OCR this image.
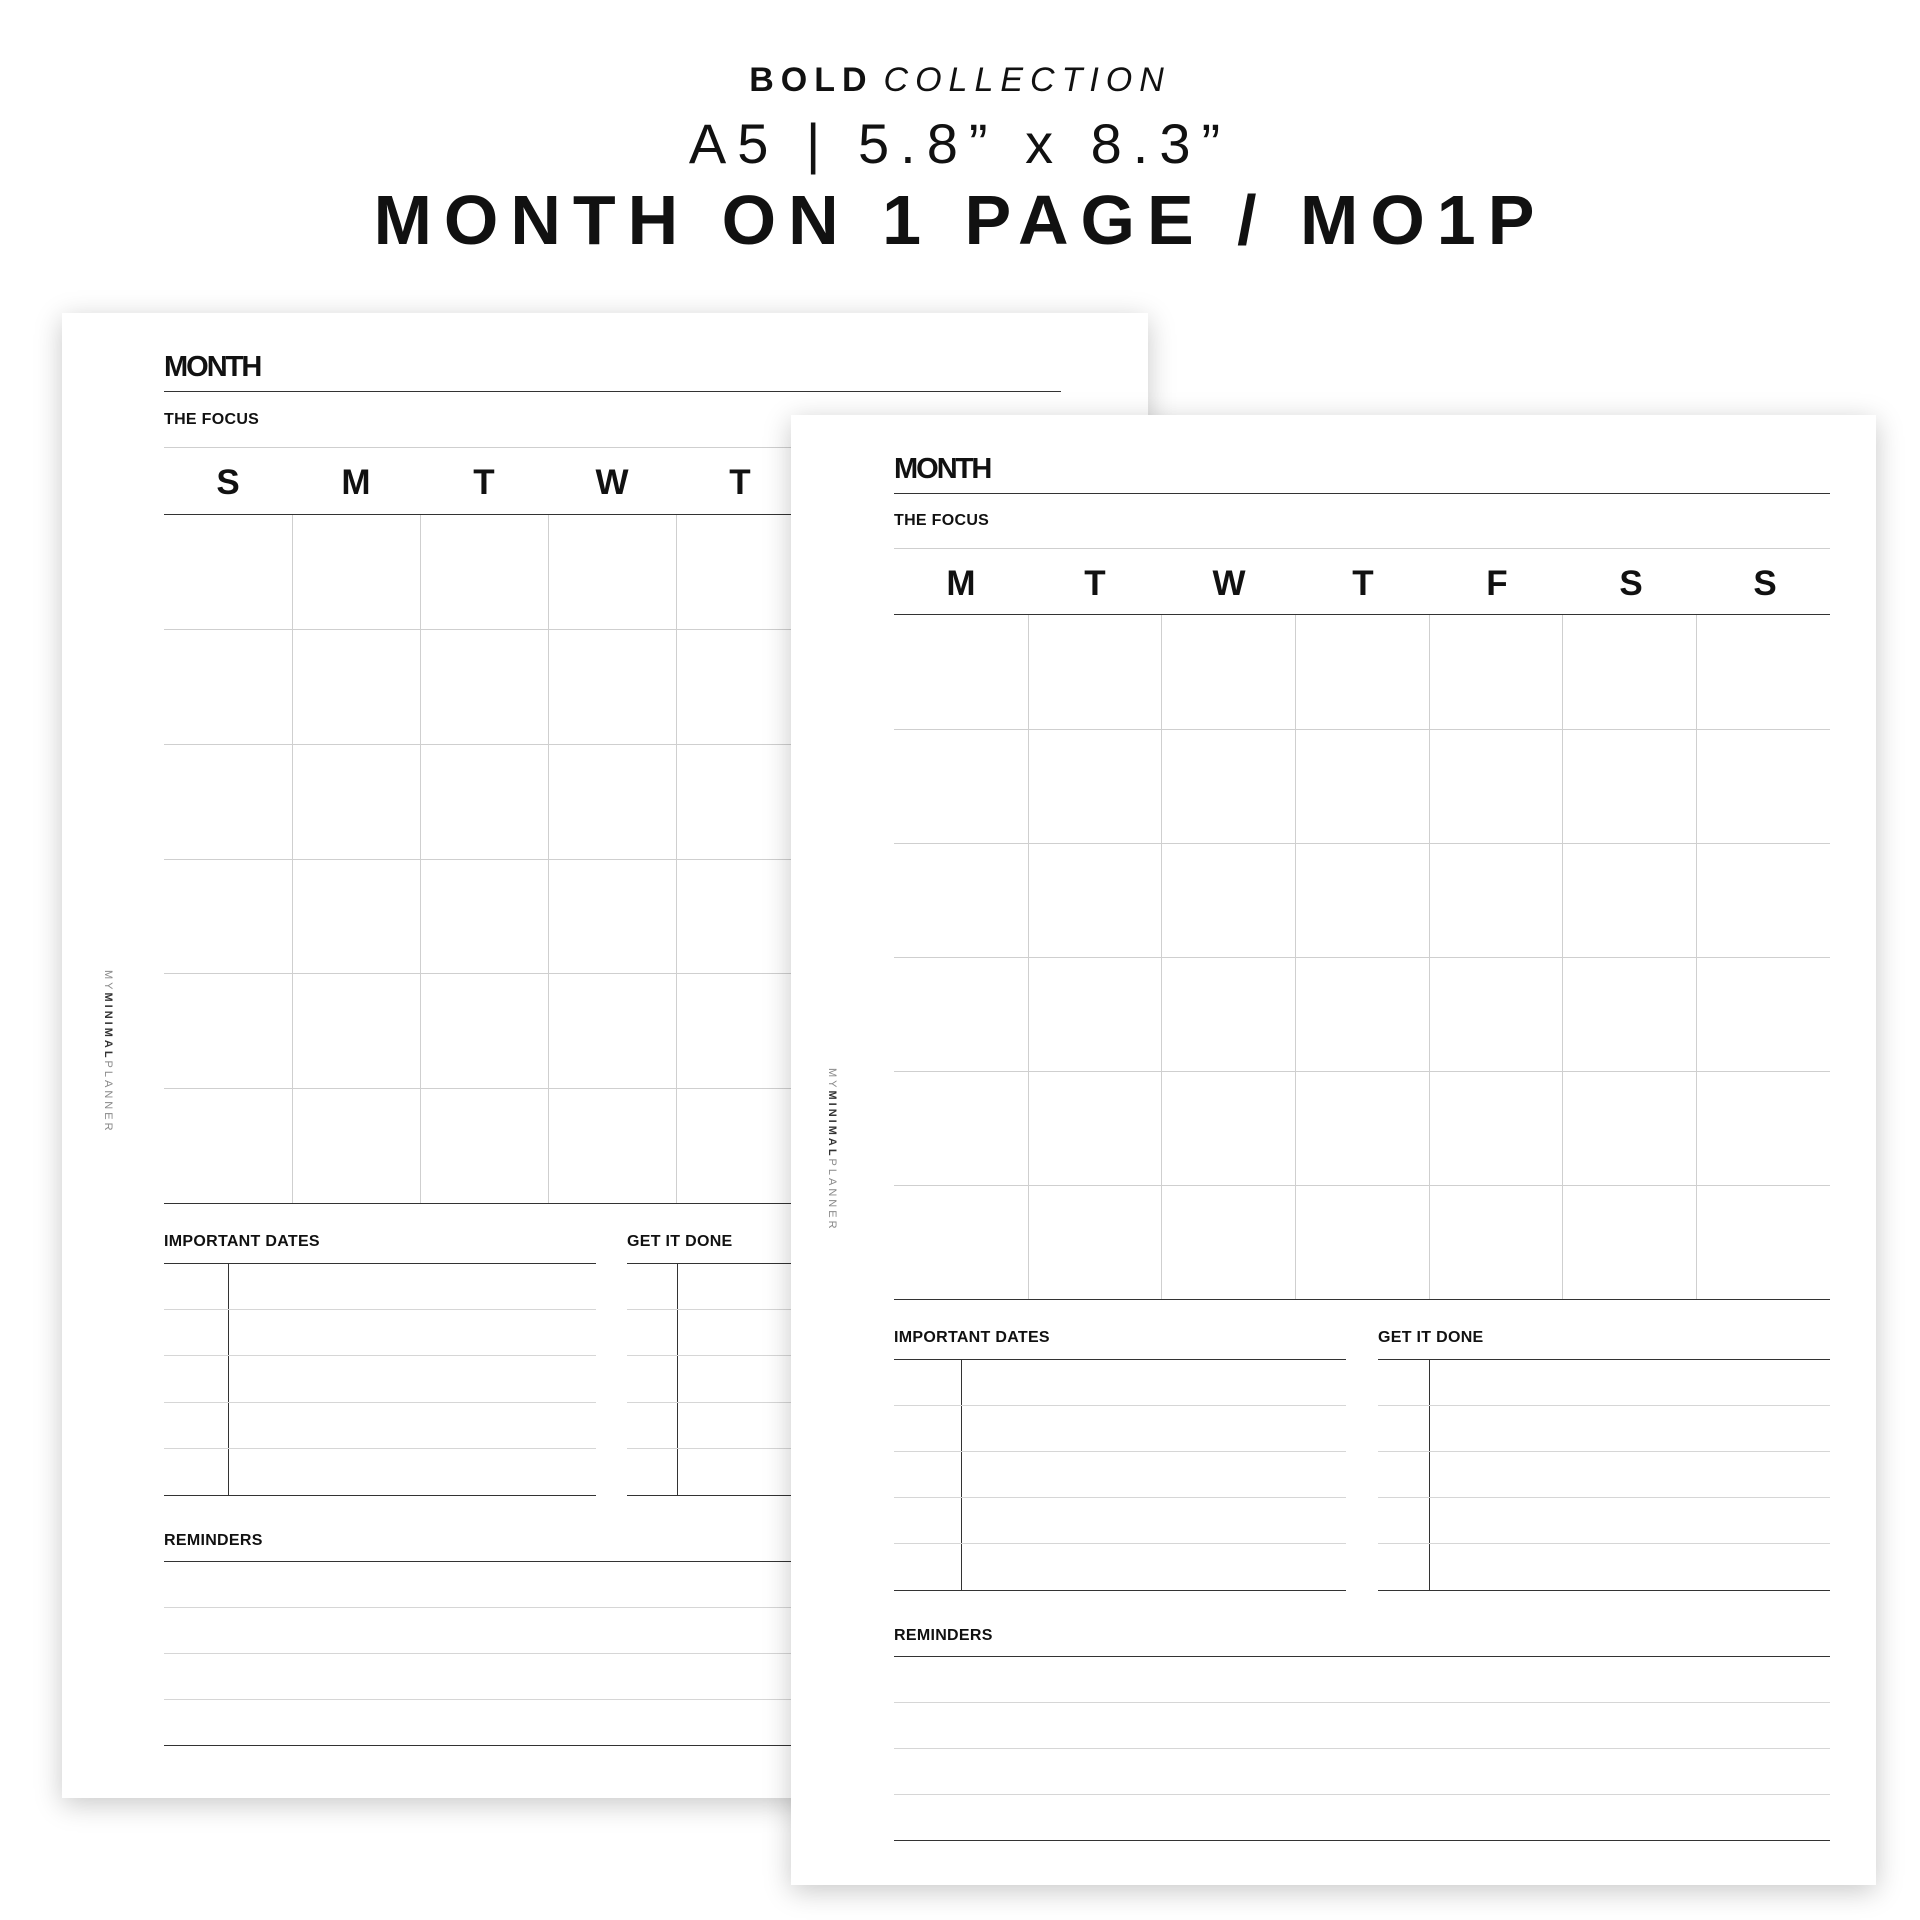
BOLD COLLECTION
A5 | 5.8” x 8.3”
MONTH ON 1 PAGE / MO1P
MYMINIMALPLANNER
MONTH
THE FOCUS
S	M	T	W	T
IMPORTANT DATES	GET IT DONE
REMINDERS
MYMINIMALPLANNER
MONTH
THE FOCUS
M	T	W	T	F	S	S
IMPORTANT DATES	GET IT DONE
REMINDERS
